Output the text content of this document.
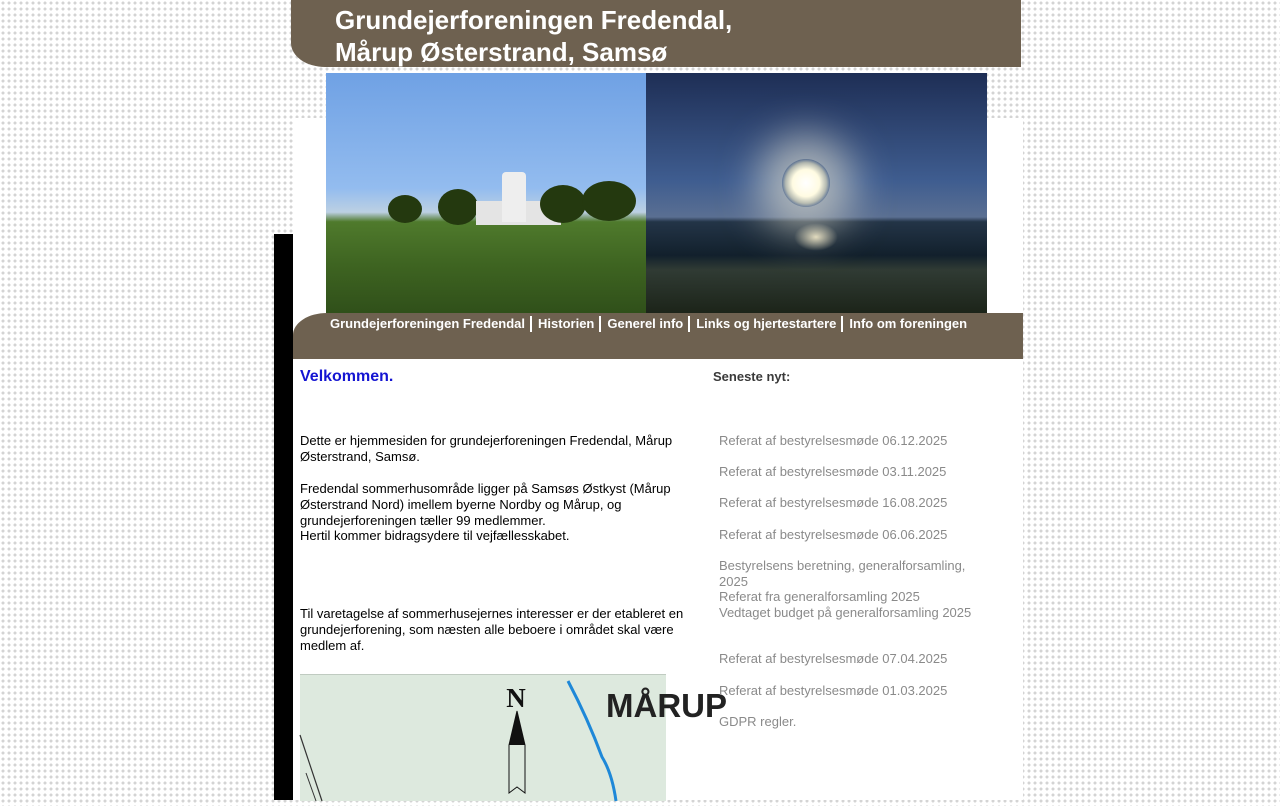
Grundejerforeningen Fredendal,
Mårup Østerstrand, Samsø
Grundejerforeningen Fredendal	Historien	Generel info	Links og hjertestartere	Info om foreningen
Velkommen.

Dette er hjemmesiden for grundejerforeningen Fredendal, Mårup Østerstrand, Samsø.

Fredendal sommerhusområde ligger på Samsøs Østkyst (Mårup Østerstrand Nord) imellem byerne Nordby og Mårup, og grundejerforeningen tæller 99 medlemmer.
Hertil kommer bidragsydere til vejfællesskabet.

Til varetagelse af sommerhusejernes interesser er der etableret en grundejerforening, som næsten alle beboere i området skal være medlem af.

N MÅRUP
Seneste nyt:
Referat af bestyrelsesmøde 06.12.2025
Referat af bestyrelsesmøde 03.11.2025
Referat af bestyrelsesmøde 16.08.2025
Referat af bestyrelsesmøde 06.06.2025
Bestyrelsens beretning, generalforsamling, 2025
Referat fra generalforsamling 2025
Vedtaget budget på generalforsamling 2025
Referat af bestyrelsesmøde 07.04.2025
Referat af bestyrelsesmøde 01.03.2025
GDPR regler.
